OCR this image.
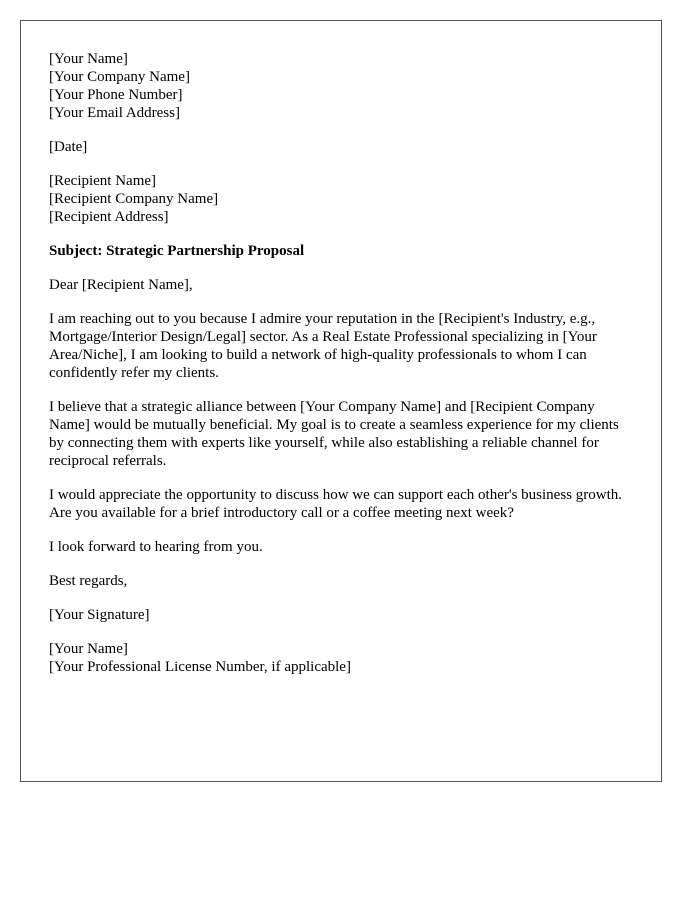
[Your Name]
[Your Company Name]
[Your Phone Number]
[Your Email Address]
[Date]
[Recipient Name]
[Recipient Company Name]
[Recipient Address]
Subject: Strategic Partnership Proposal
Dear [Recipient Name],

I am reaching out to you because I admire your reputation in the [Recipient's Industry, e.g., Mortgage/Interior Design/Legal] sector. As a Real Estate Professional specializing in [Your Area/Niche], I am looking to build a network of high-quality professionals to whom I can confidently refer my clients.

I believe that a strategic alliance between [Your Company Name] and [Recipient Company Name] would be mutually beneficial. My goal is to create a seamless experience for my clients by connecting them with experts like yourself, while also establishing a reliable channel for reciprocal referrals.

I would appreciate the opportunity to discuss how we can support each other's business growth. Are you available for a brief introductory call or a coffee meeting next week?

I look forward to hearing from you.

Best regards,
[Your Signature]
[Your Name]
[Your Professional License Number, if applicable]
